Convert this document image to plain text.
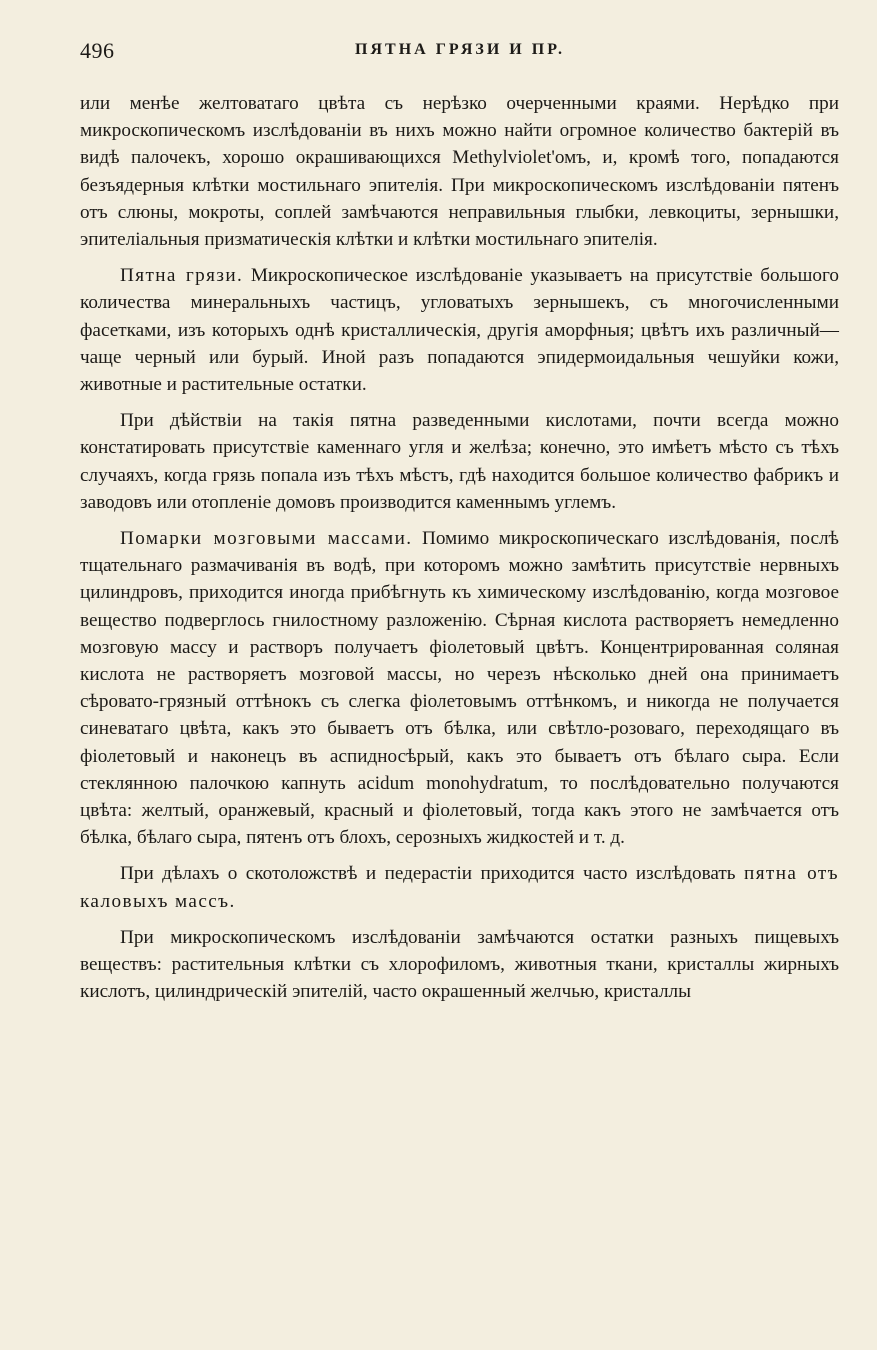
496	ПЯТНА ГРЯЗИ И ПР.

или менѣе желтоватаго цвѣта съ нерѣзко очерченными краями. Нерѣдко при микроскопическомъ изслѣдованіи въ нихъ можно найти огромное количество бактерій въ видѣ палочекъ, хорошо окрашивающихся Methylviolet'омъ, и, кромѣ того, попадаются безъядерныя клѣтки мостильнаго эпителія. При микроскопическомъ изслѣдованіи пятенъ отъ слюны, мокроты, соплей замѣчаются неправильныя глыбки, левкоциты, зернышки, эпителіальныя призматическія клѣтки и клѣтки мостильнаго эпителія.

Пятна грязи. Микроскопическое изслѣдованіе указываетъ на присутствіе большого количества минеральныхъ частицъ, угловатыхъ зернышекъ, съ многочисленными фасетками, изъ которыхъ однѣ кристаллическія, другія аморфныя; цвѣтъ ихъ различный—чаще черный или бурый. Иной разъ попадаются эпидермоидальныя чешуйки кожи, животные и растительные остатки.

При дѣйствіи на такія пятна разведенными кислотами, почти всегда можно констатировать присутствіе каменнаго угля и желѣза; конечно, это имѣетъ мѣсто съ тѣхъ случаяхъ, когда грязь попала изъ тѣхъ мѣстъ, гдѣ находится большое количество фабрикъ и заводовъ или отопленіе домовъ производится каменнымъ углемъ.

Помарки мозговыми массами. Помимо микроскопическаго изслѣдованія, послѣ тщательнаго размачиванія въ водѣ, при которомъ можно замѣтить присутствіе нервныхъ цилиндровъ, приходится иногда прибѣгнуть къ химическому изслѣдованію, когда мозговое вещество подверглось гнилостному разложенію. Сѣрная кислота растворяетъ немедленно мозговую массу и растворъ получаетъ фіолетовый цвѣтъ. Концентрированная соляная кислота не растворяетъ мозговой массы, но черезъ нѣсколько дней она принимаетъ сѣровато-грязный оттѣнокъ съ слегка фіолетовымъ оттѣнкомъ, и никогда не получается синеватаго цвѣта, какъ это бываетъ отъ бѣлка, или свѣтло-розоваго, переходящаго въ фіолетовый и наконецъ въ аспидносѣрый, какъ это бываетъ отъ бѣлаго сыра. Если стеклянною палочкою капнуть acidum monohydratum, то послѣдовательно получаются цвѣта: желтый, оранжевый, красный и фіолетовый, тогда какъ этого не замѣчается отъ бѣлка, бѣлаго сыра, пятенъ отъ блохъ, серозныхъ жидкостей и т. д.

При дѣлахъ о скотоложствѣ и педерастіи приходится часто изслѣдовать пятна отъ каловыхъ массъ.

При микроскопическомъ изслѣдованіи замѣчаются остатки разныхъ пищевыхъ веществъ: растительныя клѣтки съ хлорофиломъ, животныя ткани, кристаллы жирныхъ кислотъ, цилиндрическій эпителій, часто окрашенный желчью, кристаллы
